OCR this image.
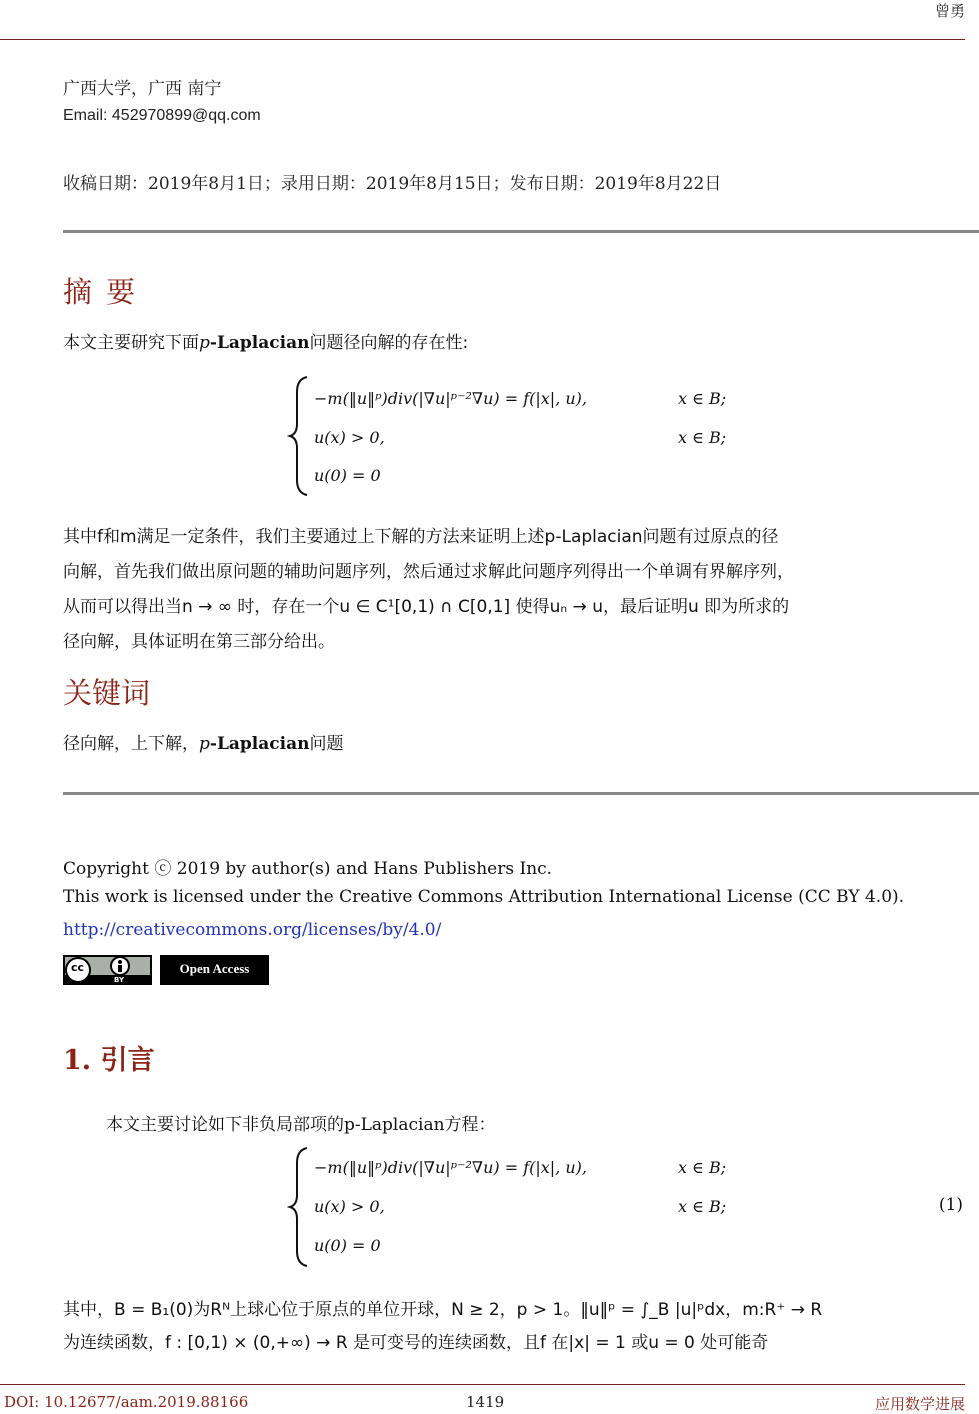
曾勇
广西大学，广西 南宁
Email: 452970899@qq.com
收稿日期：2019年8月1日；录用日期：2019年8月15日；发布日期：2019年8月22日
摘要
本文主要研究下面p-Laplacian问题径向解的存在性:
−m(‖u‖ᵖ)div(|∇u|ᵖ⁻²∇u) = f(|x|, u),	x ∈ B;
u(x) > 0,	x ∈ B;
u(0) = 0
其中f和m满足一定条件，我们主要通过上下解的方法来证明上述p-Laplacian问题有过原点的径
向解，首先我们做出原问题的辅助问题序列，然后通过求解此问题序列得出一个单调有界解序列，
从而可以得出当n → ∞ 时，存在一个u ∈ C¹[0,1) ∩ C[0,1] 使得uₙ → u，最后证明u 即为所求的
径向解，具体证明在第三部分给出。
关键词
径向解，上下解，p-Laplacian问题
Copyright ⓒ 2019 by author(s) and Hans Publishers Inc.
This work is licensed under the Creative Commons Attribution International License (CC BY 4.0).
http://creativecommons.org/licenses/by/4.0/
cc
BY
Open Access
1. 引言
本文主要讨论如下非负局部项的p-Laplacian方程：
−m(‖u‖ᵖ)div(|∇u|ᵖ⁻²∇u) = f(|x|, u),	x ∈ B;
u(x) > 0,	x ∈ B;
u(0) = 0
(1)
其中，B = B₁(0)为Rᴺ上球心位于原点的单位开球，N ≥ 2，p > 1。‖u‖ᵖ = ∫_B |u|ᵖdx，m:R⁺ → R
为连续函数，f : [0,1) × (0,+∞) → R 是可变号的连续函数，且f 在|x| = 1 或u = 0 处可能奇
DOI: 10.12677/aam.2019.88166	1419	应用数学进展
